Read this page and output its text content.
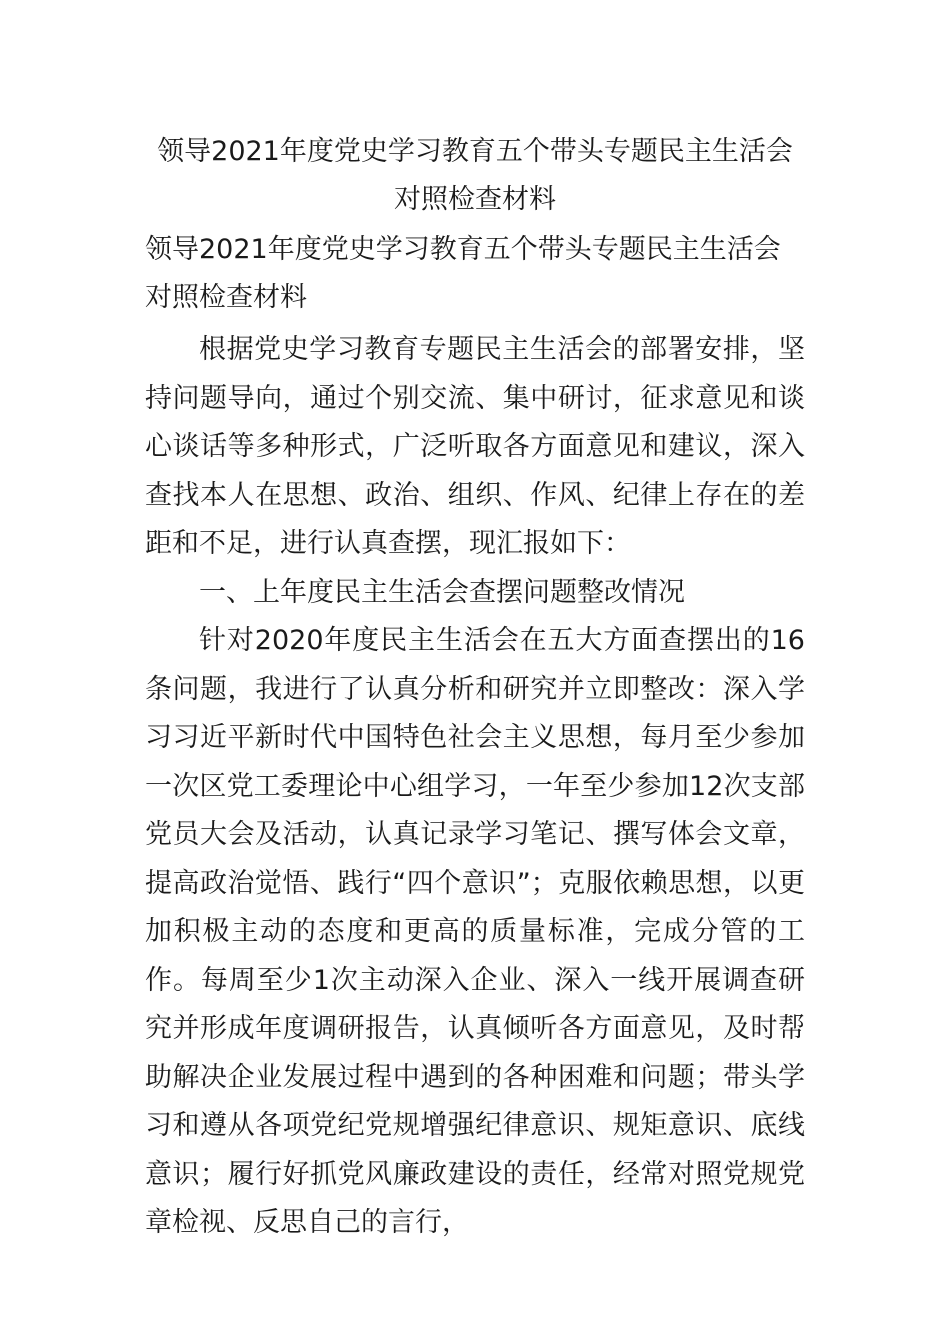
领导2021年度党史学习教育五个带头专题民主生活会对照检查材料
领导2021年度党史学习教育五个带头专题民主生活会对照检查材料

根据党史学习教育专题民主生活会的部署安排，坚持问题导向，通过个别交流、集中研讨，征求意见和谈心谈话等多种形式，广泛听取各方面意见和建议，深入查找本人在思想、政治、组织、作风、纪律上存在的差距和不足，进行认真查摆，现汇报如下：

一、上年度民主生活会查摆问题整改情况

针对2020年度民主生活会在五大方面查摆出的16条问题，我进行了认真分析和研究并立即整改：深入学习习近平新时代中国特色社会主义思想，每月至少参加一次区党工委理论中心组学习，一年至少参加12次支部党员大会及活动，认真记录学习笔记、撰写体会文章，提高政治觉悟、践行“四个意识”；克服依赖思想，以更加积极主动的态度和更高的质量标准，完成分管的工作。每周至少1次主动深入企业、深入一线开展调查研究并形成年度调研报告，认真倾听各方面意见，及时帮助解决企业发展过程中遇到的各种困难和问题；带头学习和遵从各项党纪党规增强纪律意识、规矩意识、底线意识；履行好抓党风廉政建设的责任，经常对照党规党章检视、反思自己的言行，
